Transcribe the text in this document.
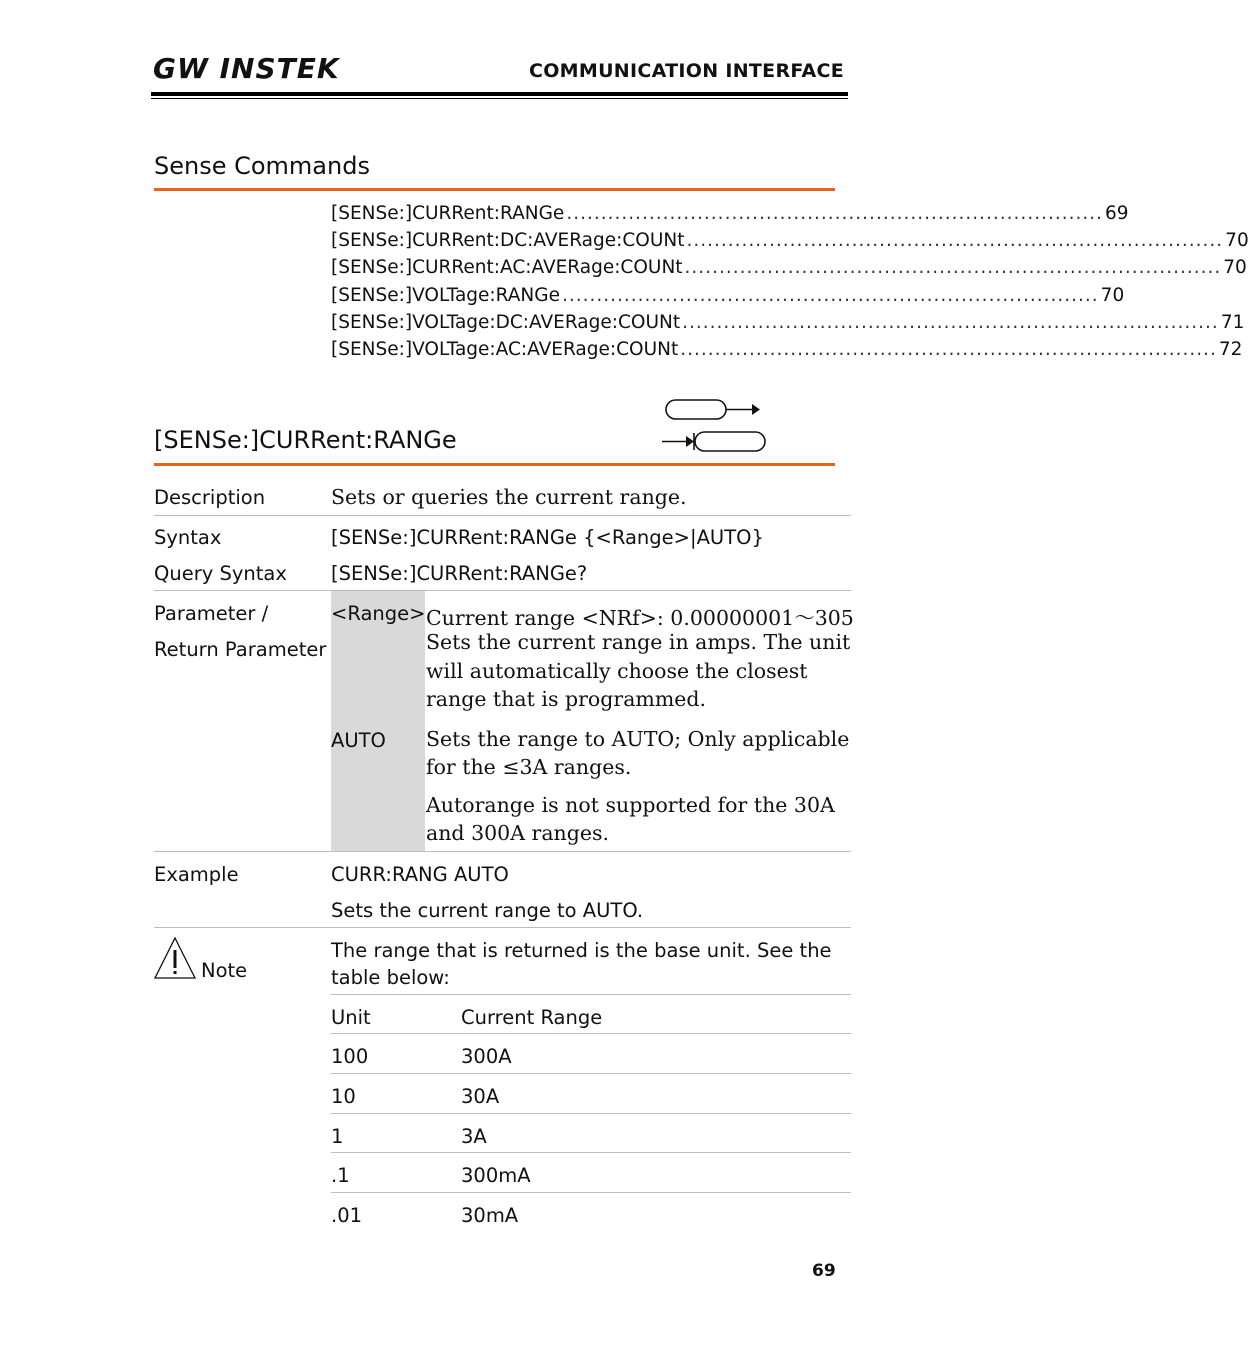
GW INSTEK	COMMUNICATION INTERFACE
Sense Commands
[SENSe:]CURRent:RANGe .............................................................................. 69
[SENSe:]CURRent:DC:AVERage:COUNt .............................................................................. 70
[SENSe:]CURRent:AC:AVERage:COUNt .............................................................................. 70
[SENSe:]VOLTage:RANGe .............................................................................. 70
[SENSe:]VOLTage:DC:AVERage:COUNt .............................................................................. 71
[SENSe:]VOLTage:AC:AVERage:COUNt .............................................................................. 72
[SENSe:]CURRent:RANGe
Description	Sets or queries the current range.
Syntax	[SENSe:]CURRent:RANGe {<Range>|AUTO}
Query Syntax [SENSe:]CURRent:RANGe?
Parameter /
Return Parameter
<Range> Current range <NRf>: 0.00000001～305
Sets the current range in amps. The unit
will automatically choose the closest
range that is programmed.
AUTO Sets the range to AUTO; Only applicable
for the ≤3A ranges.
Autorange is not supported for the 30A
and 300A ranges.
Example	CURR:RANG AUTO
Sets the current range to AUTO.
Note
The range that is returned is the base unit. See the
table below:
Unit	Current Range
100	300A
10	30A
1	3A
.1	300mA
.01	30mA
69
